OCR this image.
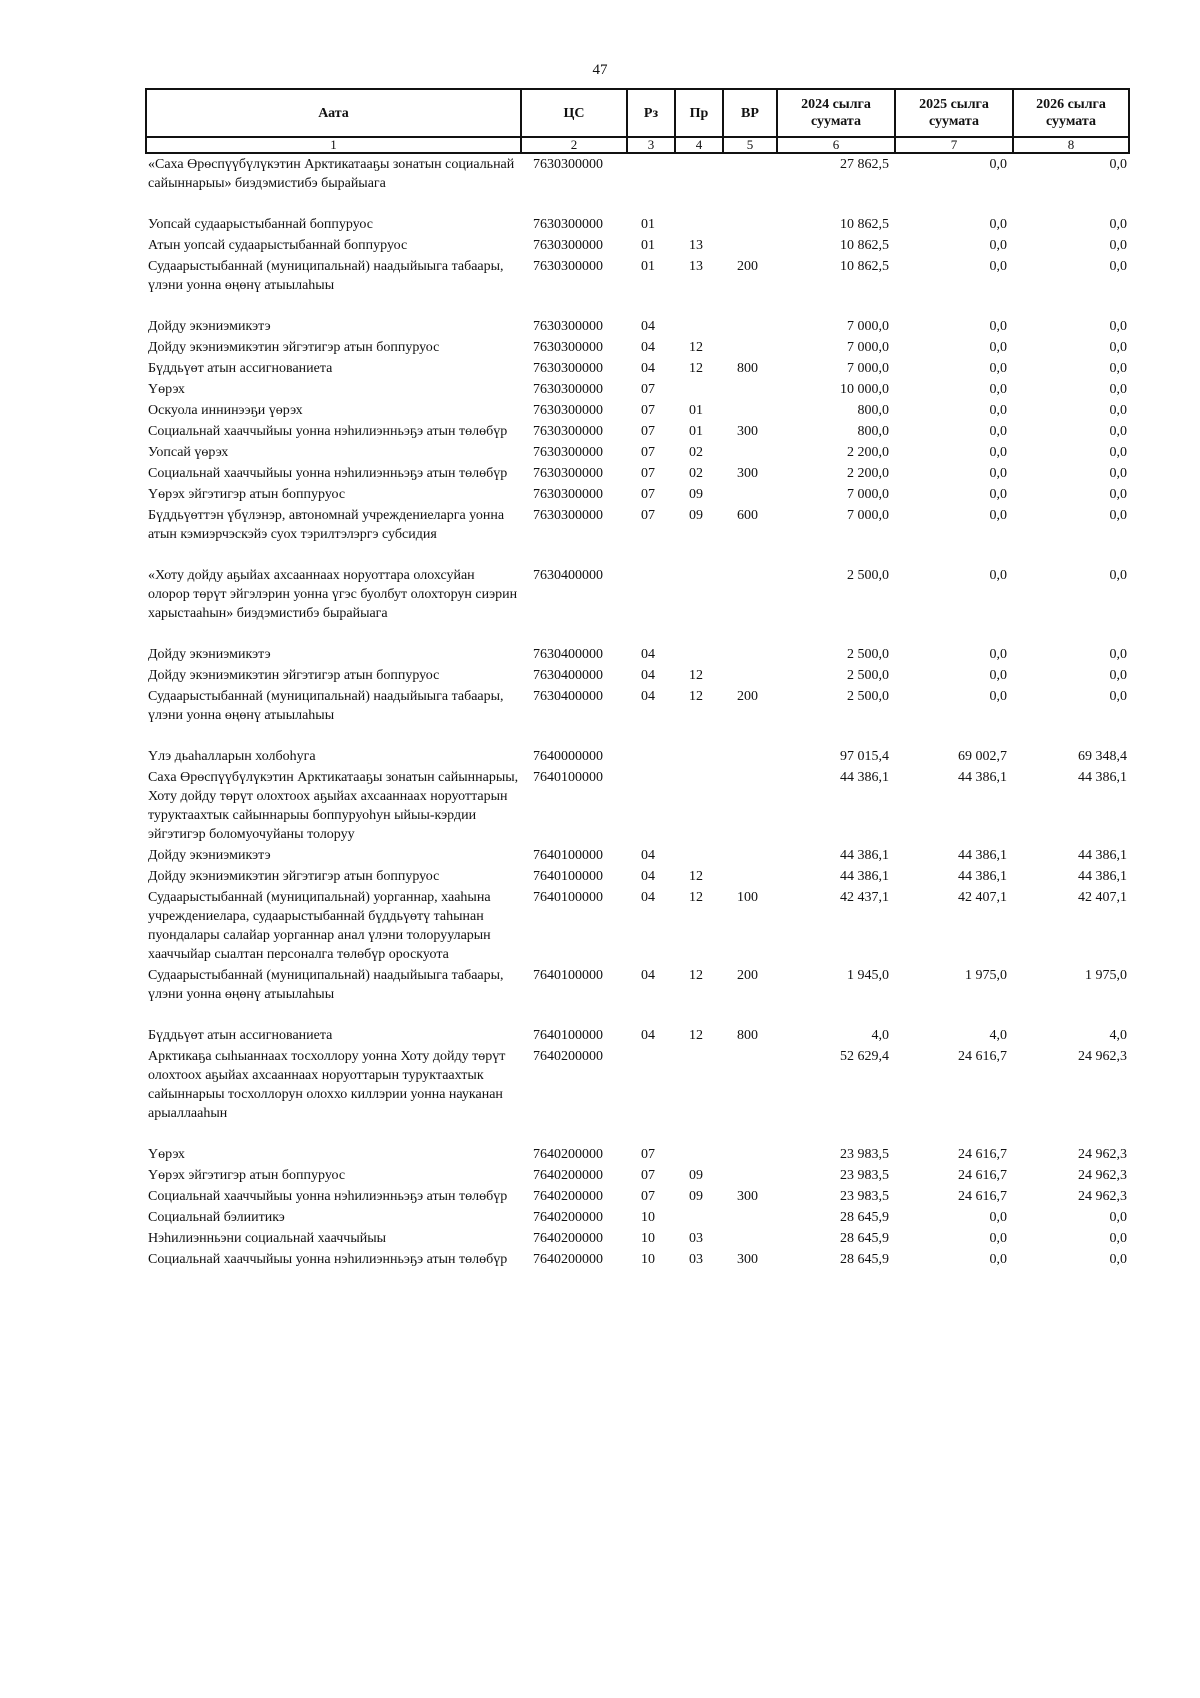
47
Аата	ЦС	Рз	Пр	ВР	2024 сылга суумата	2025 сылга суумата	2026 сылга суумата
1	2	3	4	5	6	7	8
«Саха Өрөспүүбүлүкэтин Арктикатааҕы зонатын социальнай сайыннарыы» биэдэмистибэ бырайыага	7630300000				27 862,5	0,0	0,0
Уопсай судаарыстыбаннай боппуруос	7630300000	01			10 862,5	0,0	0,0
Атын уопсай судаарыстыбаннай боппуруос	7630300000	01	13		10 862,5	0,0	0,0
Судаарыстыбаннай (муниципальнай) наадыйыыга табаары, үлэни уонна өңөнү атыылаһыы	7630300000	01	13	200	10 862,5	0,0	0,0
Дойду экэниэмикэтэ	7630300000	04			7 000,0	0,0	0,0
Дойду экэниэмикэтин эйгэтигэр атын боппуруос	7630300000	04	12		7 000,0	0,0	0,0
Бүддьүөт атын ассигнованиета	7630300000	04	12	800	7 000,0	0,0	0,0
Үөрэх	7630300000	07			10 000,0	0,0	0,0
Оскуола иннинээҕи үөрэх	7630300000	07	01		800,0	0,0	0,0
Социальнай хааччыйыы уонна нэһилиэнньэҕэ атын төлөбүр	7630300000	07	01	300	800,0	0,0	0,0
Уопсай үөрэх	7630300000	07	02		2 200,0	0,0	0,0
Социальнай хааччыйыы уонна нэһилиэнньэҕэ атын төлөбүр	7630300000	07	02	300	2 200,0	0,0	0,0
Үөрэх эйгэтигэр атын боппуруос	7630300000	07	09		7 000,0	0,0	0,0
Бүддьүөттэн үбүлэнэр, автономнай учреждениеларга уонна атын кэмиэрчэскэйэ суох тэрилтэлэргэ субсидия	7630300000	07	09	600	7 000,0	0,0	0,0
«Хоту дойду аҕыйах ахсааннаах норуоттара олохсуйан олорор төрүт эйгэлэрин уонна үгэс буолбут олохторун сиэрин харыстааһын» биэдэмистибэ бырайыага	7630400000				2 500,0	0,0	0,0
Дойду экэниэмикэтэ	7630400000	04			2 500,0	0,0	0,0
Дойду экэниэмикэтин эйгэтигэр атын боппуруос	7630400000	04	12		2 500,0	0,0	0,0
Судаарыстыбаннай (муниципальнай) наадыйыыга табаары, үлэни уонна өңөнү атыылаһыы	7630400000	04	12	200	2 500,0	0,0	0,0
Үлэ дьаһалларын холбоһуга	7640000000				97 015,4	69 002,7	69 348,4
Саха Өрөспүүбүлүкэтин Арктикатааҕы зонатын сайыннарыы, Хоту дойду төрүт олохтоох аҕыйах ахсааннаах норуоттарын туруктаахтык сайыннарыы боппуруоһун ыйыы-кэрдии эйгэтигэр боломуочуйаны толоруу	7640100000				44 386,1	44 386,1	44 386,1
Дойду экэниэмикэтэ	7640100000	04			44 386,1	44 386,1	44 386,1
Дойду экэниэмикэтин эйгэтигэр атын боппуруос	7640100000	04	12		44 386,1	44 386,1	44 386,1
Судаарыстыбаннай (муниципальнай) уорганнар, хааһына учреждениелара, судаарыстыбаннай бүддьүөтү таһынан пуондалары салайар уорганнар анал үлэни толорууларын хааччыйар сыалтан персоналга төлөбүр ороскуота	7640100000	04	12	100	42 437,1	42 407,1	42 407,1
Судаарыстыбаннай (муниципальнай) наадыйыыга табаары, үлэни уонна өңөнү атыылаһыы	7640100000	04	12	200	1 945,0	1 975,0	1 975,0
Бүддьүөт атын ассигнованиета	7640100000	04	12	800	4,0	4,0	4,0
Арктикаҕа сыһыаннаах тосхоллору уонна Хоту дойду төрүт олохтоох аҕыйах ахсааннаах норуоттарын туруктаахтык сайыннарыы тосхоллорун олоххо киллэрии уонна науканан арыаллааһын	7640200000				52 629,4	24 616,7	24 962,3
Үөрэх	7640200000	07			23 983,5	24 616,7	24 962,3
Үөрэх эйгэтигэр атын боппуруос	7640200000	07	09		23 983,5	24 616,7	24 962,3
Социальнай хааччыйыы уонна нэһилиэнньэҕэ атын төлөбүр	7640200000	07	09	300	23 983,5	24 616,7	24 962,3
Социальнай бэлиитикэ	7640200000	10			28 645,9	0,0	0,0
Нэһилиэнньэни социальнай хааччыйыы	7640200000	10	03		28 645,9	0,0	0,0
Социальнай хааччыйыы уонна нэһилиэнньэҕэ атын төлөбүр	7640200000	10	03	300	28 645,9	0,0	0,0
